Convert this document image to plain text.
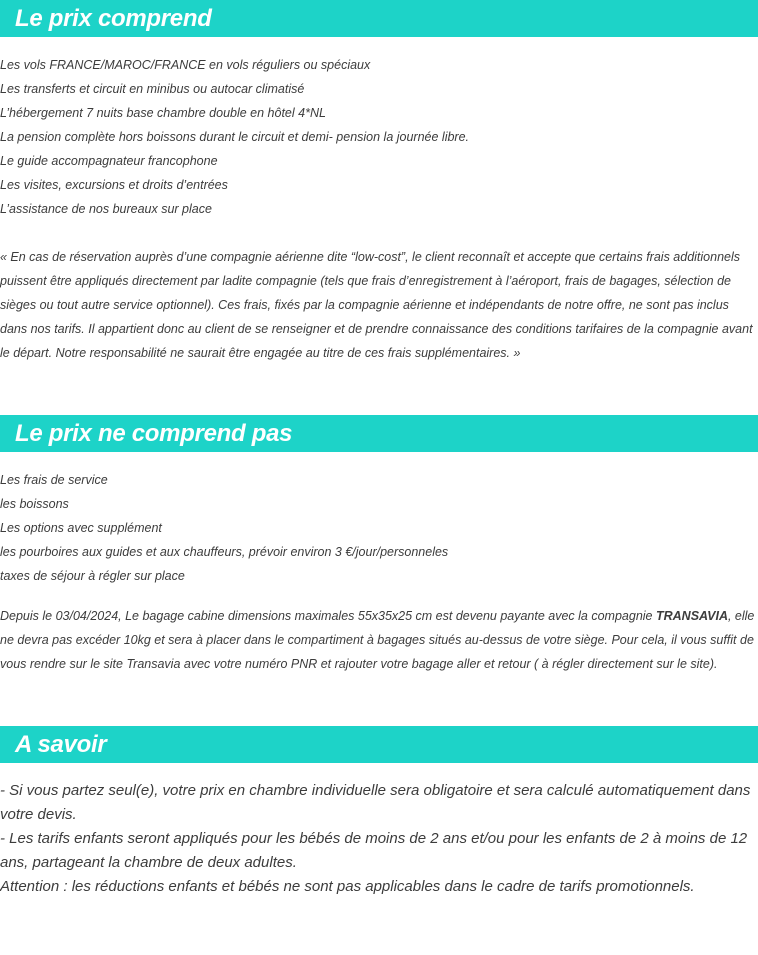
Le prix comprend
Les vols FRANCE/MAROC/FRANCE en vols réguliers ou spéciaux
Les transferts et circuit en minibus ou autocar climatisé
L’hébergement 7 nuits base chambre double en hôtel 4*NL
La pension complète hors boissons durant le circuit et demi- pension la journée libre.
Le guide accompagnateur francophone
Les visites, excursions et droits d’entrées
L’assistance de nos bureaux sur place

« En cas de réservation auprès d’une compagnie aérienne dite “low-cost”, le client reconnaît et accepte que certains frais additionnels puissent être appliqués directement par ladite compagnie (tels que frais d’enregistrement à l’aéroport, frais de bagages, sélection de sièges ou tout autre service optionnel). Ces frais, fixés par la compagnie aérienne et indépendants de notre offre, ne sont pas inclus dans nos tarifs. Il appartient donc au client de se renseigner et de prendre connaissance des conditions tarifaires de la compagnie avant le départ. Notre responsabilité ne saurait être engagée au titre de ces frais supplémentaires. »

Le prix ne comprend pas
Les frais de service
les boissons
Les options avec supplément
les pourboires aux guides et aux chauffeurs, prévoir environ 3 €/jour/personneles
taxes de séjour à régler sur place

Depuis le 03/04/2024, Le bagage cabine dimensions maximales 55x35x25 cm est devenu payante avec la compagnie TRANSAVIA, elle ne devra pas excéder 10kg et sera à placer dans le compartiment à bagages situés au-dessus de votre siège. Pour cela, il vous suffit de vous rendre sur le site Transavia avec votre numéro PNR et rajouter votre bagage aller et retour ( à régler directement sur le site).

A savoir

- Si vous partez seul(e), votre prix en chambre individuelle sera obligatoire et sera calculé automatiquement dans votre devis.

- Les tarifs enfants seront appliqués pour les bébés de moins de 2 ans et/ou pour les enfants de 2 à moins de 12 ans, partageant la chambre de deux adultes.

Attention : les réductions enfants et bébés ne sont pas applicables dans le cadre de tarifs promotionnels.
